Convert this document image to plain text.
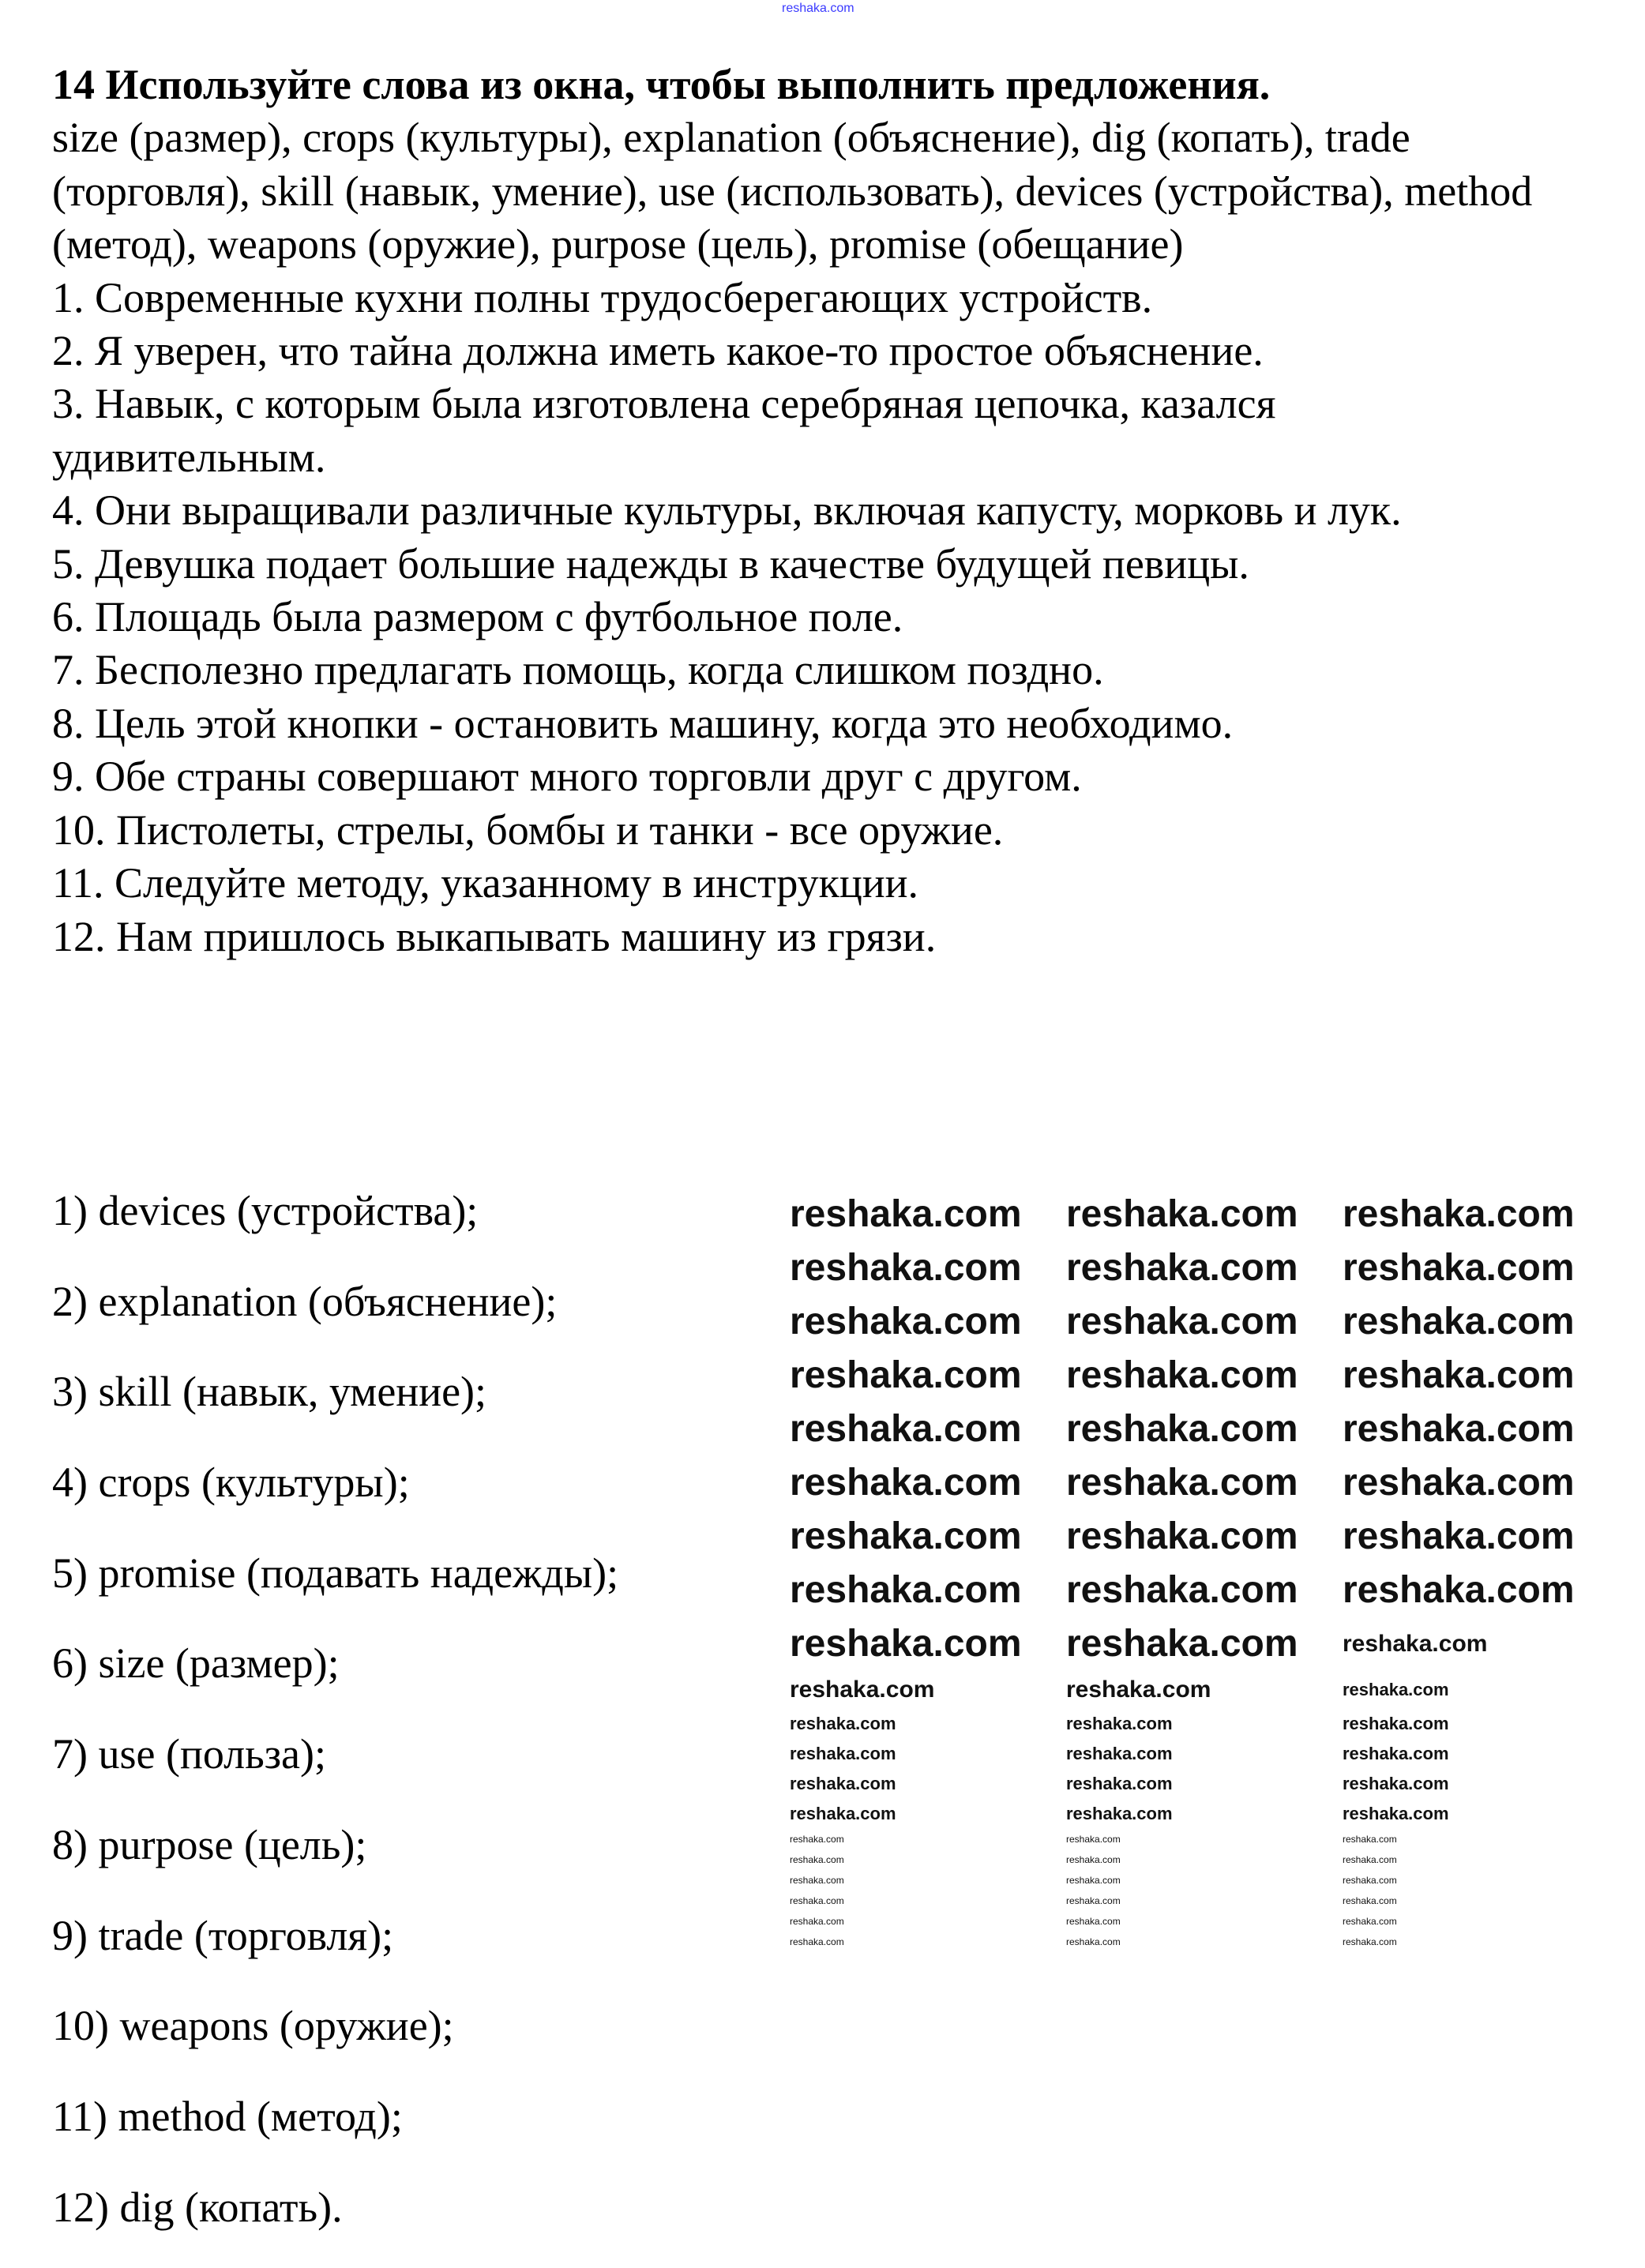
reshaka.com
14 Используйте слова из окна, чтобы выполнить предложения.
size (размер), crops (культуры), explanation (объяснение), dig (копать), trade (торговля), skill (навык, умение), use (использовать), devices (устройства), method (метод), weapons (оружие), purpose (цель), promise (обещание)
1. Современные кухни полны трудосберегающих устройств.
2. Я уверен, что тайна должна иметь какое-то простое объяснение.
3. Навык, с которым была изготовлена серебряная цепочка, казался удивительным.
4. Они выращивали различные культуры, включая капусту, морковь и лук.
5. Девушка подает большие надежды в качестве будущей певицы.
6. Площадь была размером с футбольное поле.
7. Бесполезно предлагать помощь, когда слишком поздно.
8. Цель этой кнопки - остановить машину, когда это необходимо.
9. Обе страны совершают много торговли друг с другом.
10. Пистолеты, стрелы, бомбы и танки - все оружие.
11. Следуйте методу, указанному в инструкции.
12. Нам пришлось выкапывать машину из грязи.
1) devices (устройства);
2) explanation (объяснение);
3) skill (навык, умение);
4) crops (культуры);
5) promise (подавать надежды);
6) size (размер);
7) use (польза);
8) purpose (цель);
9) trade (торговля);
10) weapons (оружие);
11) method (метод);
12) dig (копать).
reshaka.com	reshaka.com	reshaka.com
reshaka.com	reshaka.com	reshaka.com
reshaka.com	reshaka.com	reshaka.com
reshaka.com	reshaka.com	reshaka.com
reshaka.com	reshaka.com	reshaka.com
reshaka.com	reshaka.com	reshaka.com
reshaka.com	reshaka.com	reshaka.com
reshaka.com	reshaka.com	reshaka.com
reshaka.com	reshaka.com	reshaka.com
reshaka.com	reshaka.com	reshaka.com
reshaka.com	reshaka.com	reshaka.com
reshaka.com	reshaka.com	reshaka.com
reshaka.com	reshaka.com	reshaka.com
reshaka.com	reshaka.com	reshaka.com
reshaka.com	reshaka.com	reshaka.com
reshaka.com	reshaka.com	reshaka.com
reshaka.com	reshaka.com	reshaka.com
reshaka.com	reshaka.com	reshaka.com
reshaka.com	reshaka.com	reshaka.com
reshaka.com	reshaka.com	reshaka.com
